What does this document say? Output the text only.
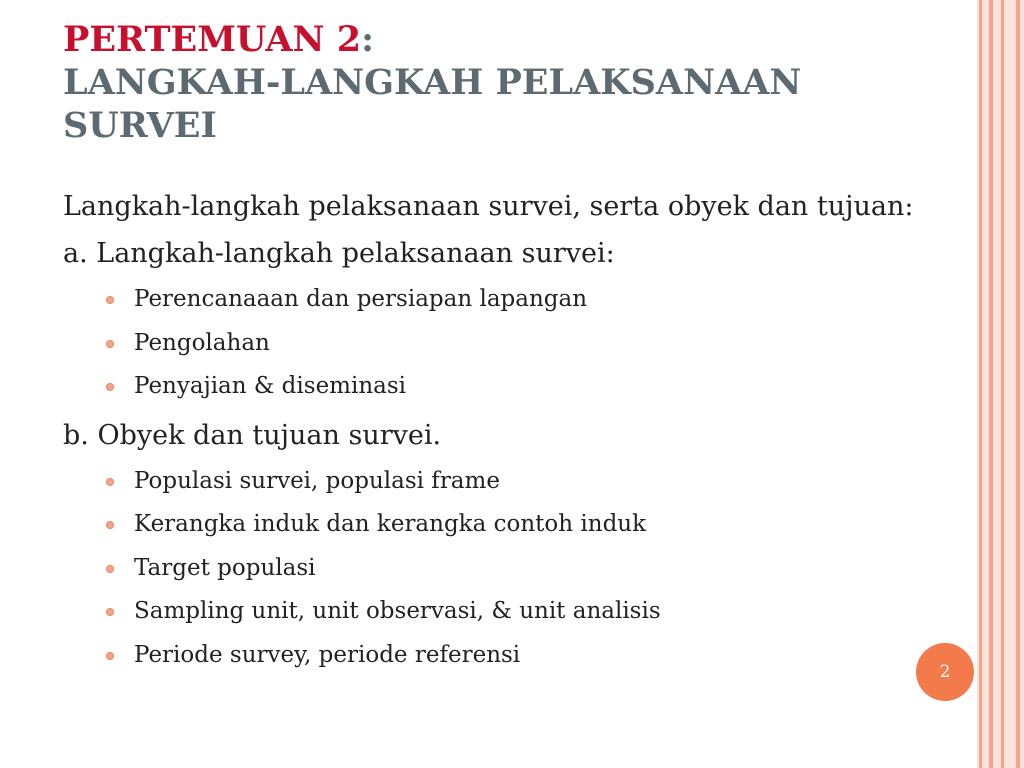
PERTEMUAN 2:
LANGKAH-LANGKAH PELAKSANAAN
SURVEI

Langkah-langkah pelaksanaan survei, serta obyek dan tujuan:

a. Langkah-langkah pelaksanaan survei:

Perencanaaan dan persiapan lapangan
Pengolahan
Penyajian & diseminasi

b. Obyek dan tujuan survei.

Populasi survei, populasi frame
Kerangka induk dan kerangka contoh induk
Target populasi
Sampling unit, unit observasi, & unit analisis
Periode survey, periode referensi
2
